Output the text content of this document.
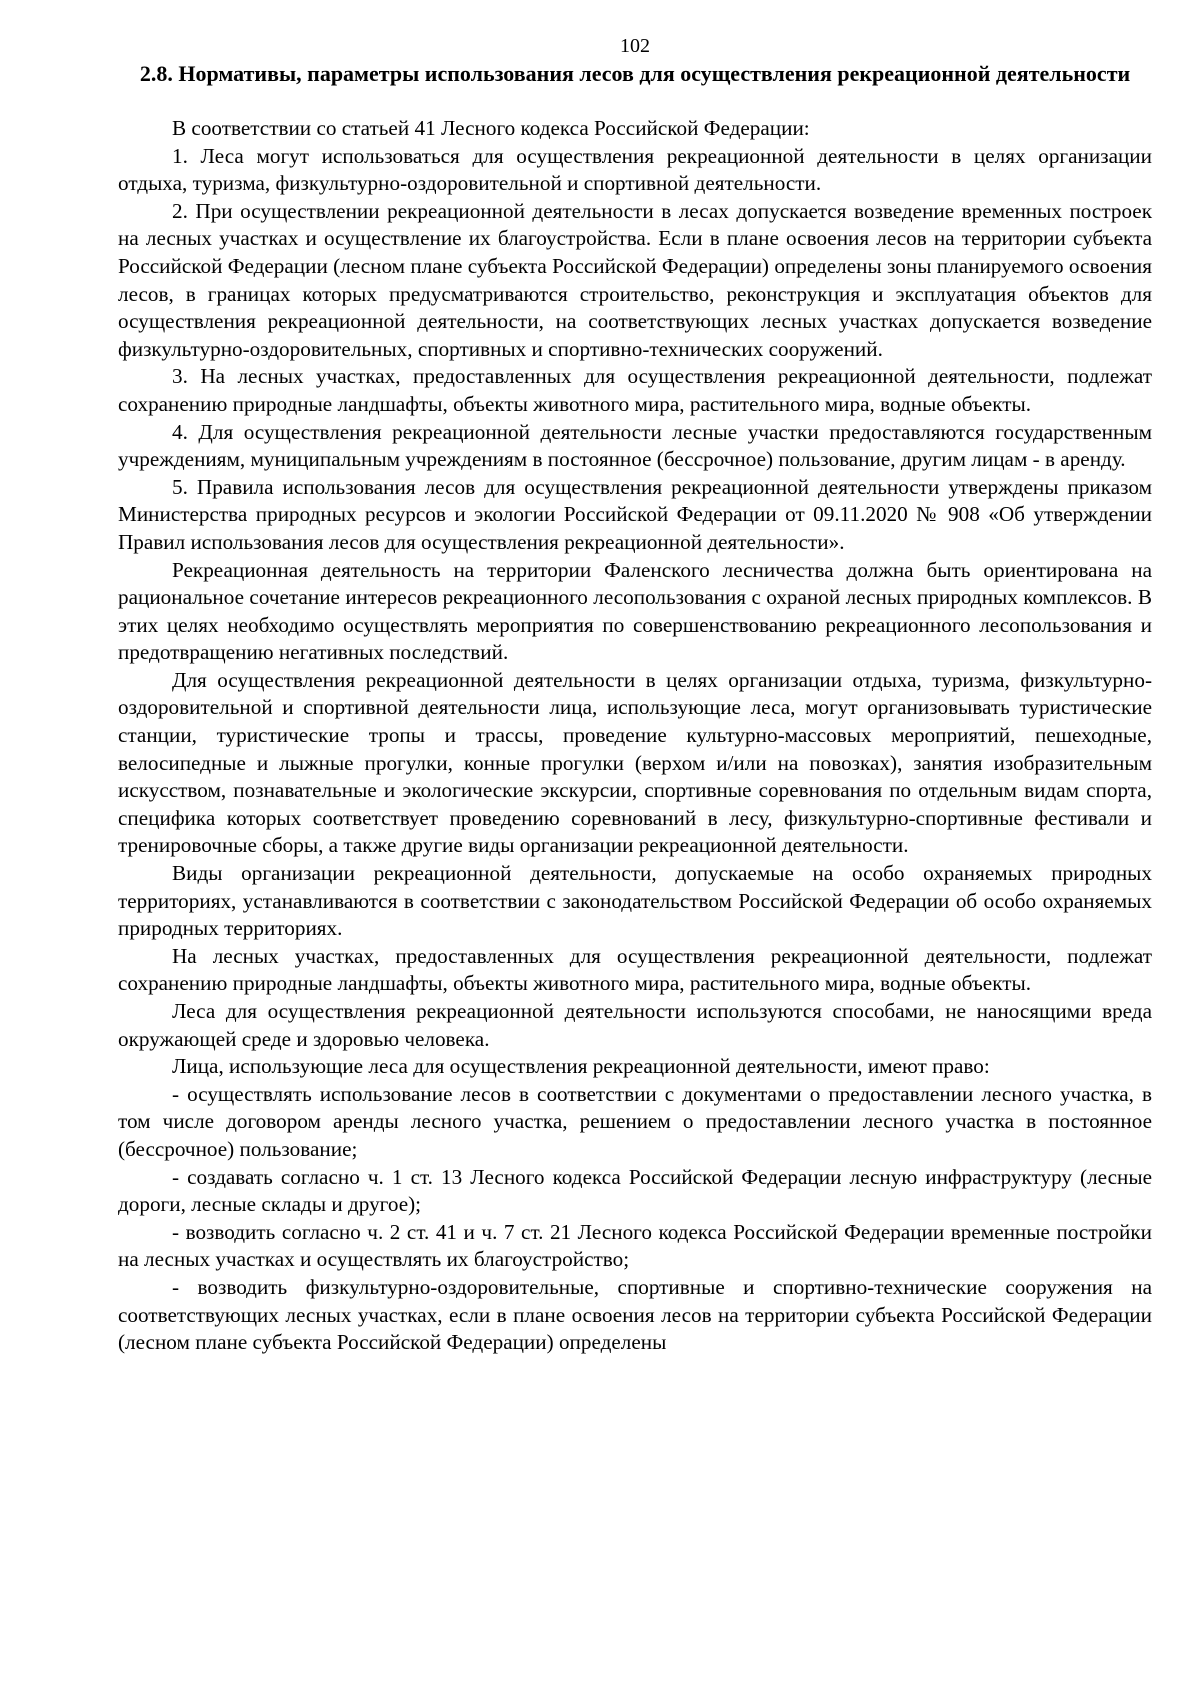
102
2.8. Нормативы, параметры использования лесов для осуществления рекреационной деятельности

В соответствии со статьей 41 Лесного кодекса Российской Федерации:

1. Леса могут использоваться для осуществления рекреационной деятельности в целях организации отдыха, туризма, физкультурно-оздоровительной и спортивной деятельности.

2. При осуществлении рекреационной деятельности в лесах допускается возведение временных построек на лесных участках и осуществление их благоустройства. Если в плане освоения лесов на территории субъекта Российской Федерации (лесном плане субъекта Российской Федерации) определены зоны планируемого освоения лесов, в границах которых предусматриваются строительство, реконструкция и эксплуатация объектов для осуществления рекреационной деятельности, на соответствующих лесных участках допускается возведение физкультурно-оздоровительных, спортивных и спортивно-технических сооружений.

3. На лесных участках, предоставленных для осуществления рекреационной деятельности, подлежат сохранению природные ландшафты, объекты животного мира, растительного мира, водные объекты.

4. Для осуществления рекреационной деятельности лесные участки предоставляются государственным учреждениям, муниципальным учреждениям в постоянное (бессрочное) пользование, другим лицам - в аренду.

5. Правила использования лесов для осуществления рекреационной деятельности утверждены приказом Министерства природных ресурсов и экологии Российской Федерации от 09.11.2020 № 908 «Об утверждении Правил использования лесов для осуществления рекреационной деятельности».

Рекреационная деятельность на территории Фаленского лесничества должна быть ориентирована на рациональное сочетание интересов рекреационного лесопользования с охраной лесных природных комплексов. В этих целях необходимо осуществлять мероприятия по совершенствованию рекреационного лесопользования и предотвращению негативных последствий.

Для осуществления рекреационной деятельности в целях организации отдыха, туризма, физкультурно-оздоровительной и спортивной деятельности лица, использующие леса, могут организовывать туристические станции, туристические тропы и трассы, проведение культурно-массовых мероприятий, пешеходные, велосипедные и лыжные прогулки, конные прогулки (верхом и/или на повозках), занятия изобразительным искусством, познавательные и экологические экскурсии, спортивные соревнования по отдельным видам спорта, специфика которых соответствует проведению соревнований в лесу, физкультурно-спортивные фестивали и тренировочные сборы, а также другие виды организации рекреационной деятельности.

Виды организации рекреационной деятельности, допускаемые на особо охраняемых природных территориях, устанавливаются в соответствии с законодательством Российской Федерации об особо охраняемых природных территориях.

На лесных участках, предоставленных для осуществления рекреационной деятельности, подлежат сохранению природные ландшафты, объекты животного мира, растительного мира, водные объекты.

Леса для осуществления рекреационной деятельности используются способами, не наносящими вреда окружающей среде и здоровью человека.

Лица, использующие леса для осуществления рекреационной деятельности, имеют право:

- осуществлять использование лесов в соответствии с документами о предоставлении лесного участка, в том числе договором аренды лесного участка, решением о предоставлении лесного участка в постоянное (бессрочное) пользование;

- создавать согласно ч. 1 ст. 13 Лесного кодекса Российской Федерации лесную инфраструктуру (лесные дороги, лесные склады и другое);

- возводить согласно ч. 2 ст. 41 и ч. 7 ст. 21 Лесного кодекса Российской Федерации временные постройки на лесных участках и осуществлять их благоустройство;

- возводить физкультурно-оздоровительные, спортивные и спортивно-технические сооружения на соответствующих лесных участках, если в плане освоения лесов на территории субъекта Российской Федерации (лесном плане субъекта Российской Федерации) определены
